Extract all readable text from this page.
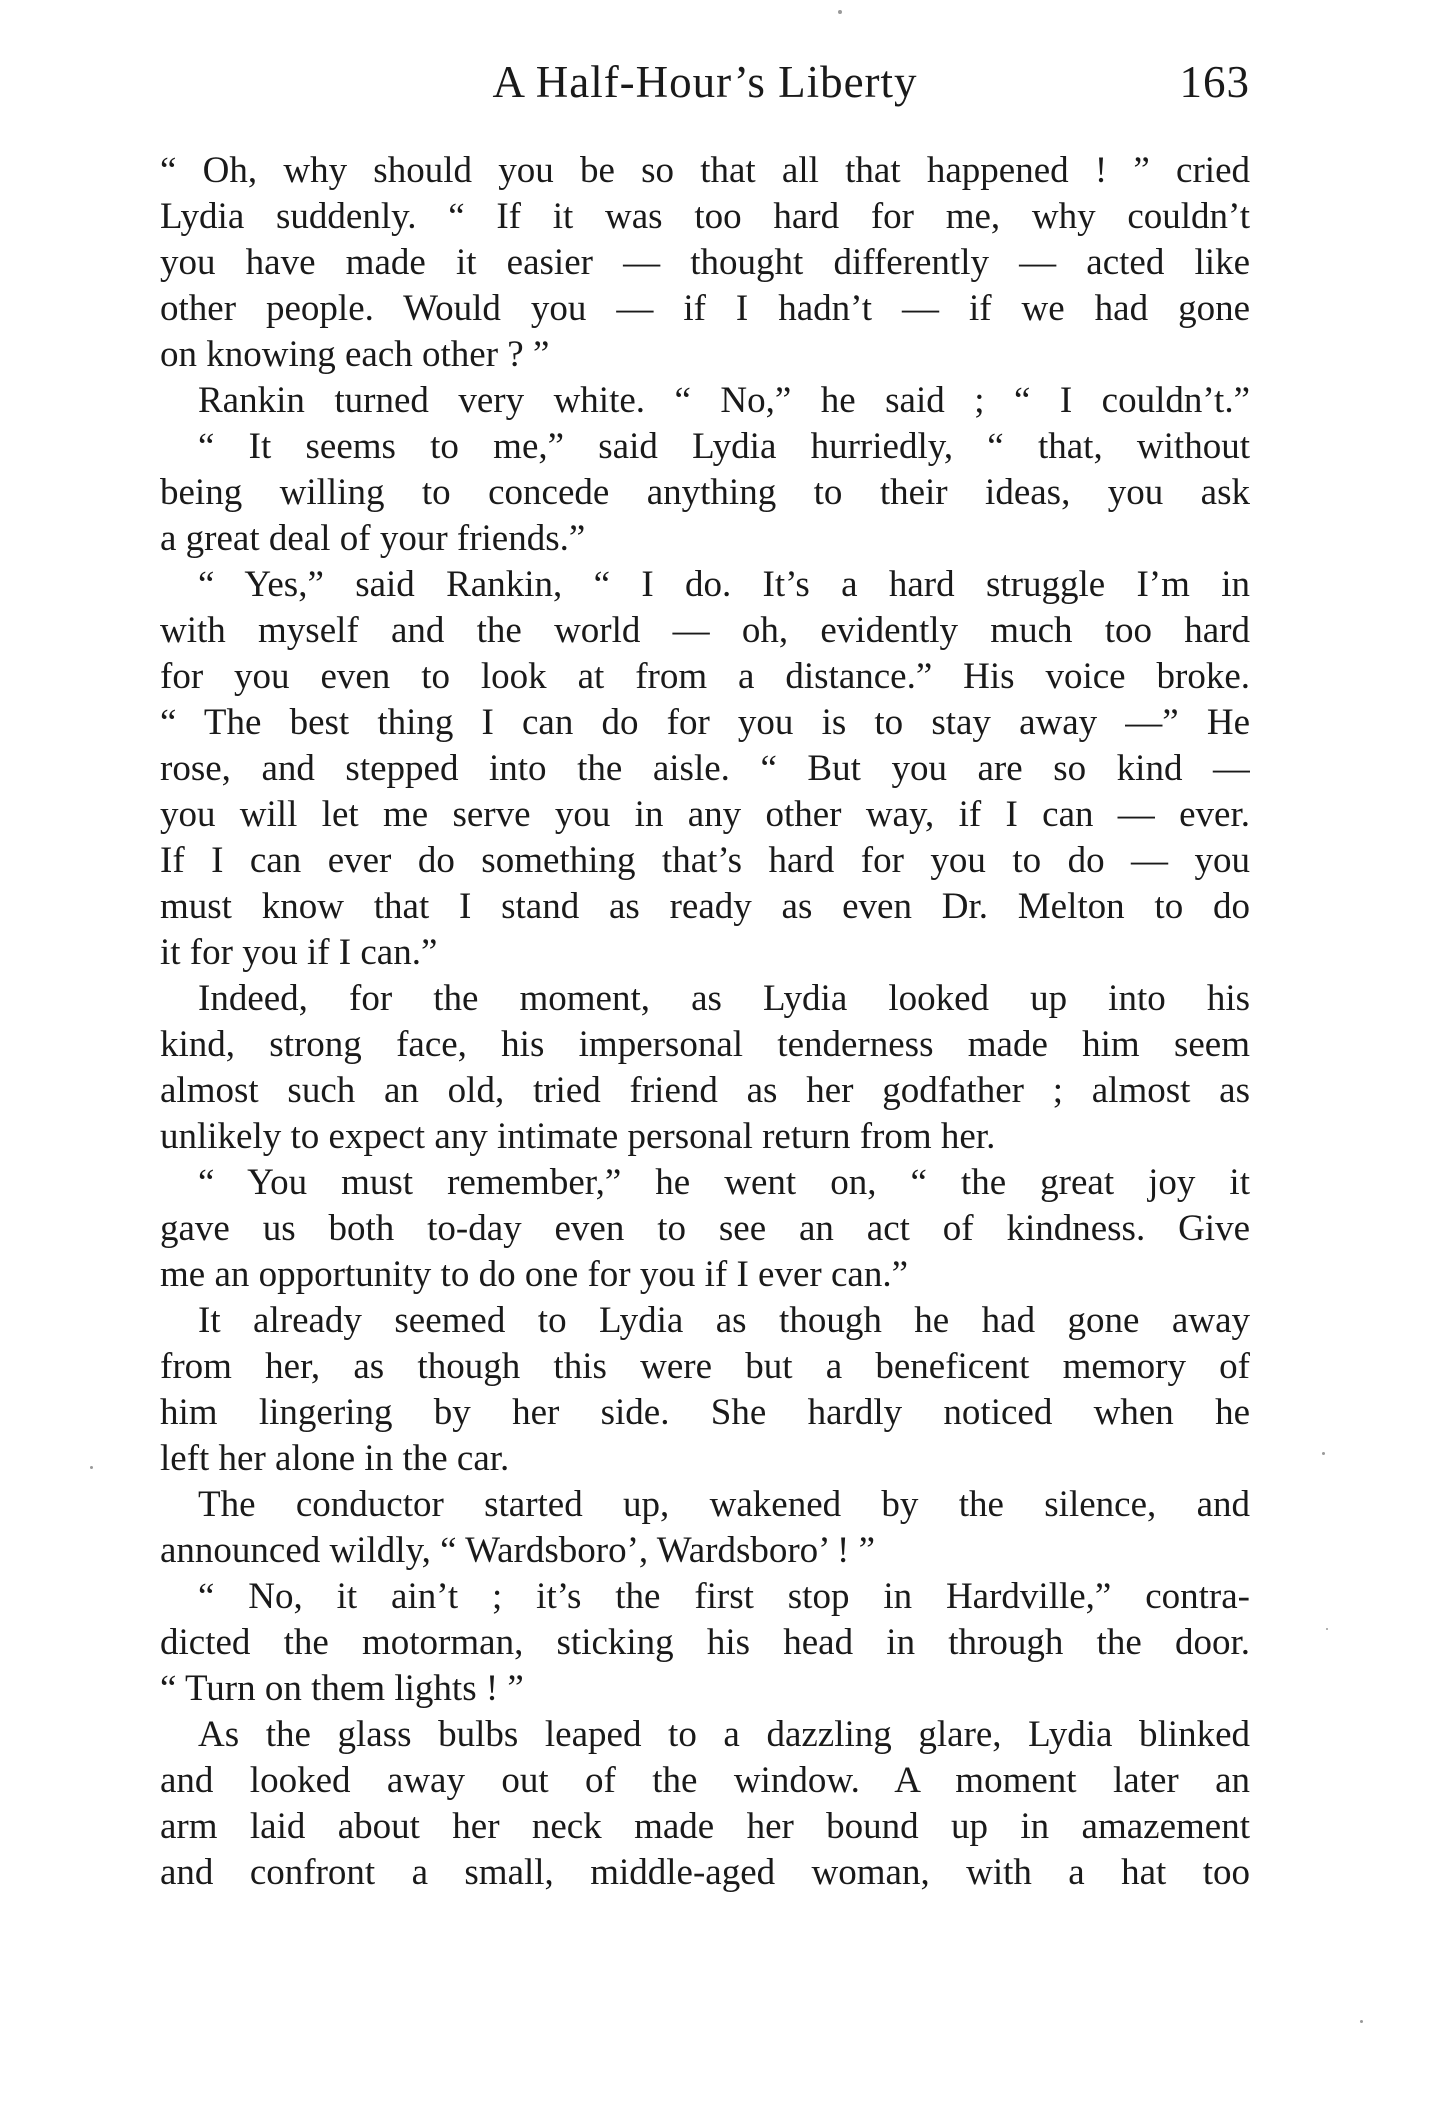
A Half-Hour’s Liberty	163
“ Oh, why should you be so that all that happened ! ” cried
Lydia suddenly. “ If it was too hard for me, why couldn’t
you have made it easier — thought differently — acted like
other people. Would you — if I hadn’t — if we had gone
on knowing each other ? ”
Rankin turned very white. “ No,” he said ; “ I couldn’t.”
“ It seems to me,” said Lydia hurriedly, “ that, without
being willing to concede anything to their ideas, you ask
a great deal of your friends.”
“ Yes,” said Rankin, “ I do. It’s a hard struggle I’m in
with myself and the world — oh, evidently much too hard
for you even to look at from a distance.” His voice broke.
“ The best thing I can do for you is to stay away —” He
rose, and stepped into the aisle. “ But you are so kind —
you will let me serve you in any other way, if I can — ever.
If I can ever do something that’s hard for you to do — you
must know that I stand as ready as even Dr. Melton to do
it for you if I can.”
Indeed, for the moment, as Lydia looked up into his
kind, strong face, his impersonal tenderness made him seem
almost such an old, tried friend as her godfather ; almost as
unlikely to expect any intimate personal return from her.
“ You must remember,” he went on, “ the great joy it
gave us both to-day even to see an act of kindness. Give
me an opportunity to do one for you if I ever can.”
It already seemed to Lydia as though he had gone away
from her, as though this were but a beneficent memory of
him lingering by her side. She hardly noticed when he
left her alone in the car.
The conductor started up, wakened by the silence, and
announced wildly, “ Wardsboro’, Wardsboro’ ! ”
“ No, it ain’t ; it’s the first stop in Hardville,” contra-
dicted the motorman, sticking his head in through the door.
“ Turn on them lights ! ”
As the glass bulbs leaped to a dazzling glare, Lydia blinked
and looked away out of the window. A moment later an
arm laid about her neck made her bound up in amazement
and confront a small, middle-aged woman, with a hat too
